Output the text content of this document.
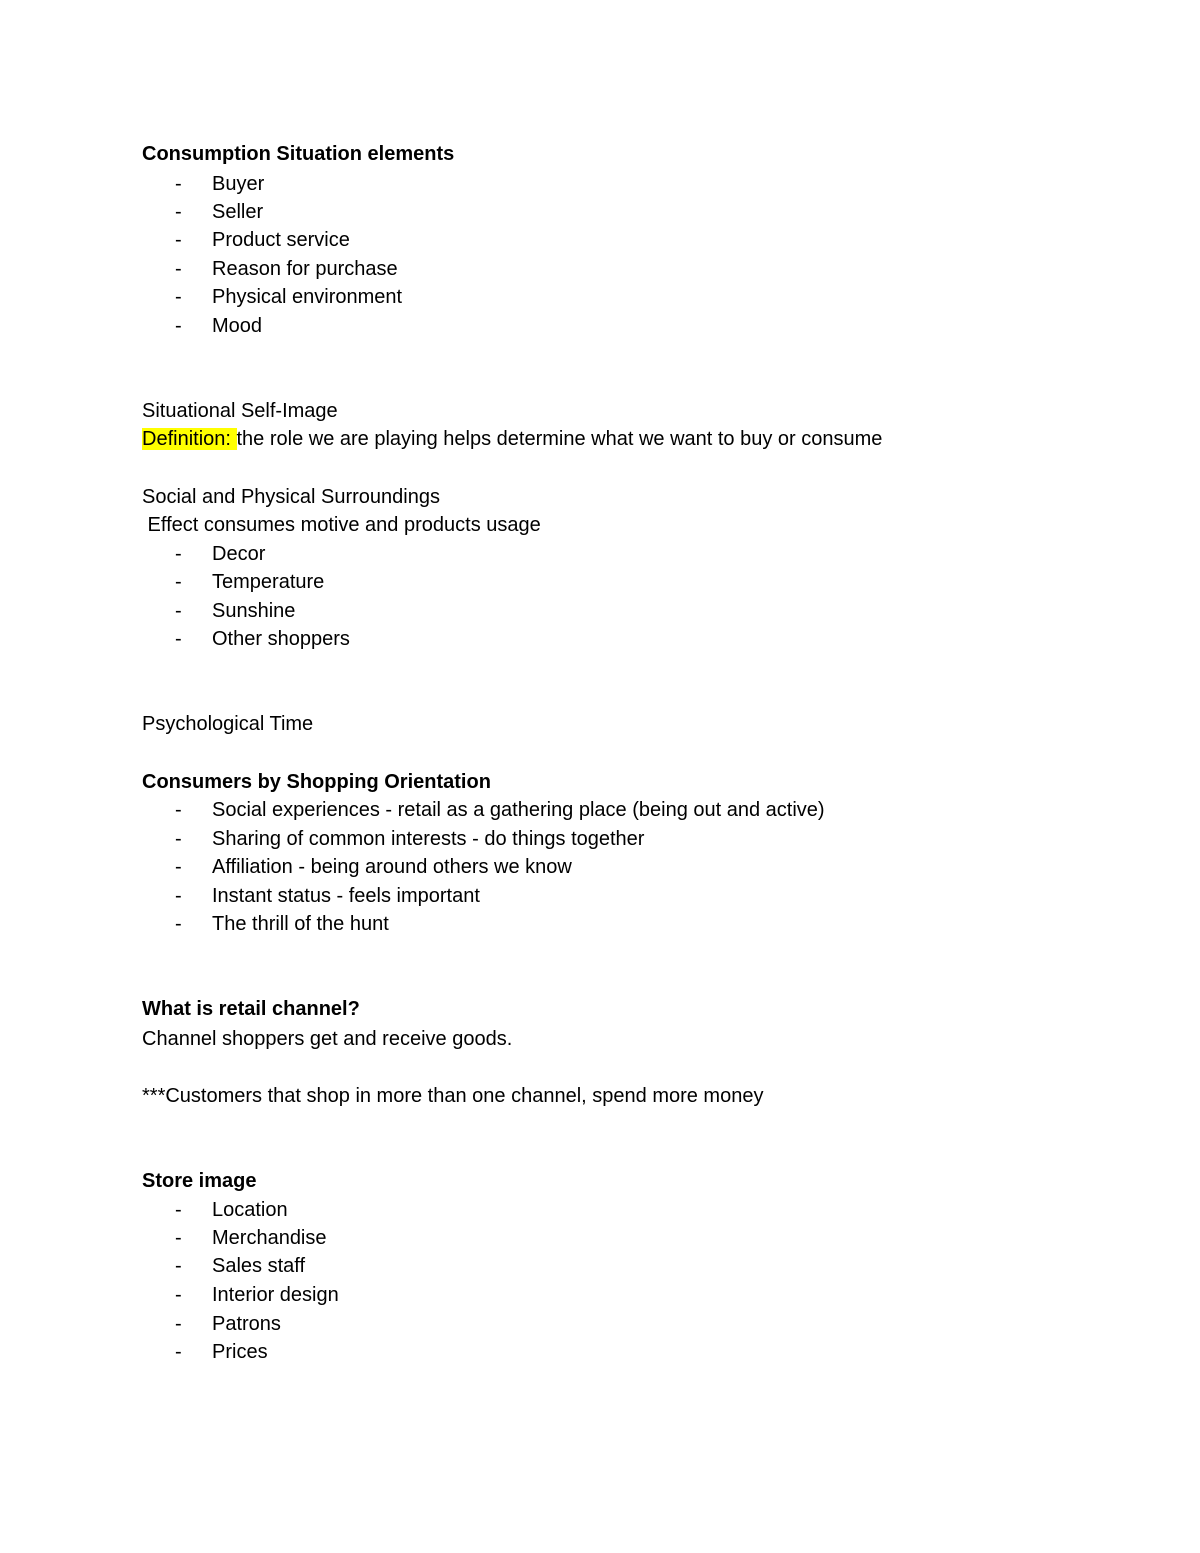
Consumption Situation elements
- Buyer
- Seller
- Product service
- Reason for purchase
- Physical environment
- Mood
Situational Self-Image
Definition: the role we are playing helps determine what we want to buy or consume
Social and Physical Surroundings
Effect consumes motive and products usage
- Decor
- Temperature
- Sunshine
- Other shoppers
Psychological Time
Consumers by Shopping Orientation
- Social experiences - retail as a gathering place (being out and active)
- Sharing of common interests - do things together
- Affiliation - being around others we know
- Instant status - feels important
- The thrill of the hunt
What is retail channel?
Channel shoppers get and receive goods.
***Customers that shop in more than one channel, spend more money
Store image
- Location
- Merchandise
- Sales staff
- Interior design
- Patrons
- Prices
